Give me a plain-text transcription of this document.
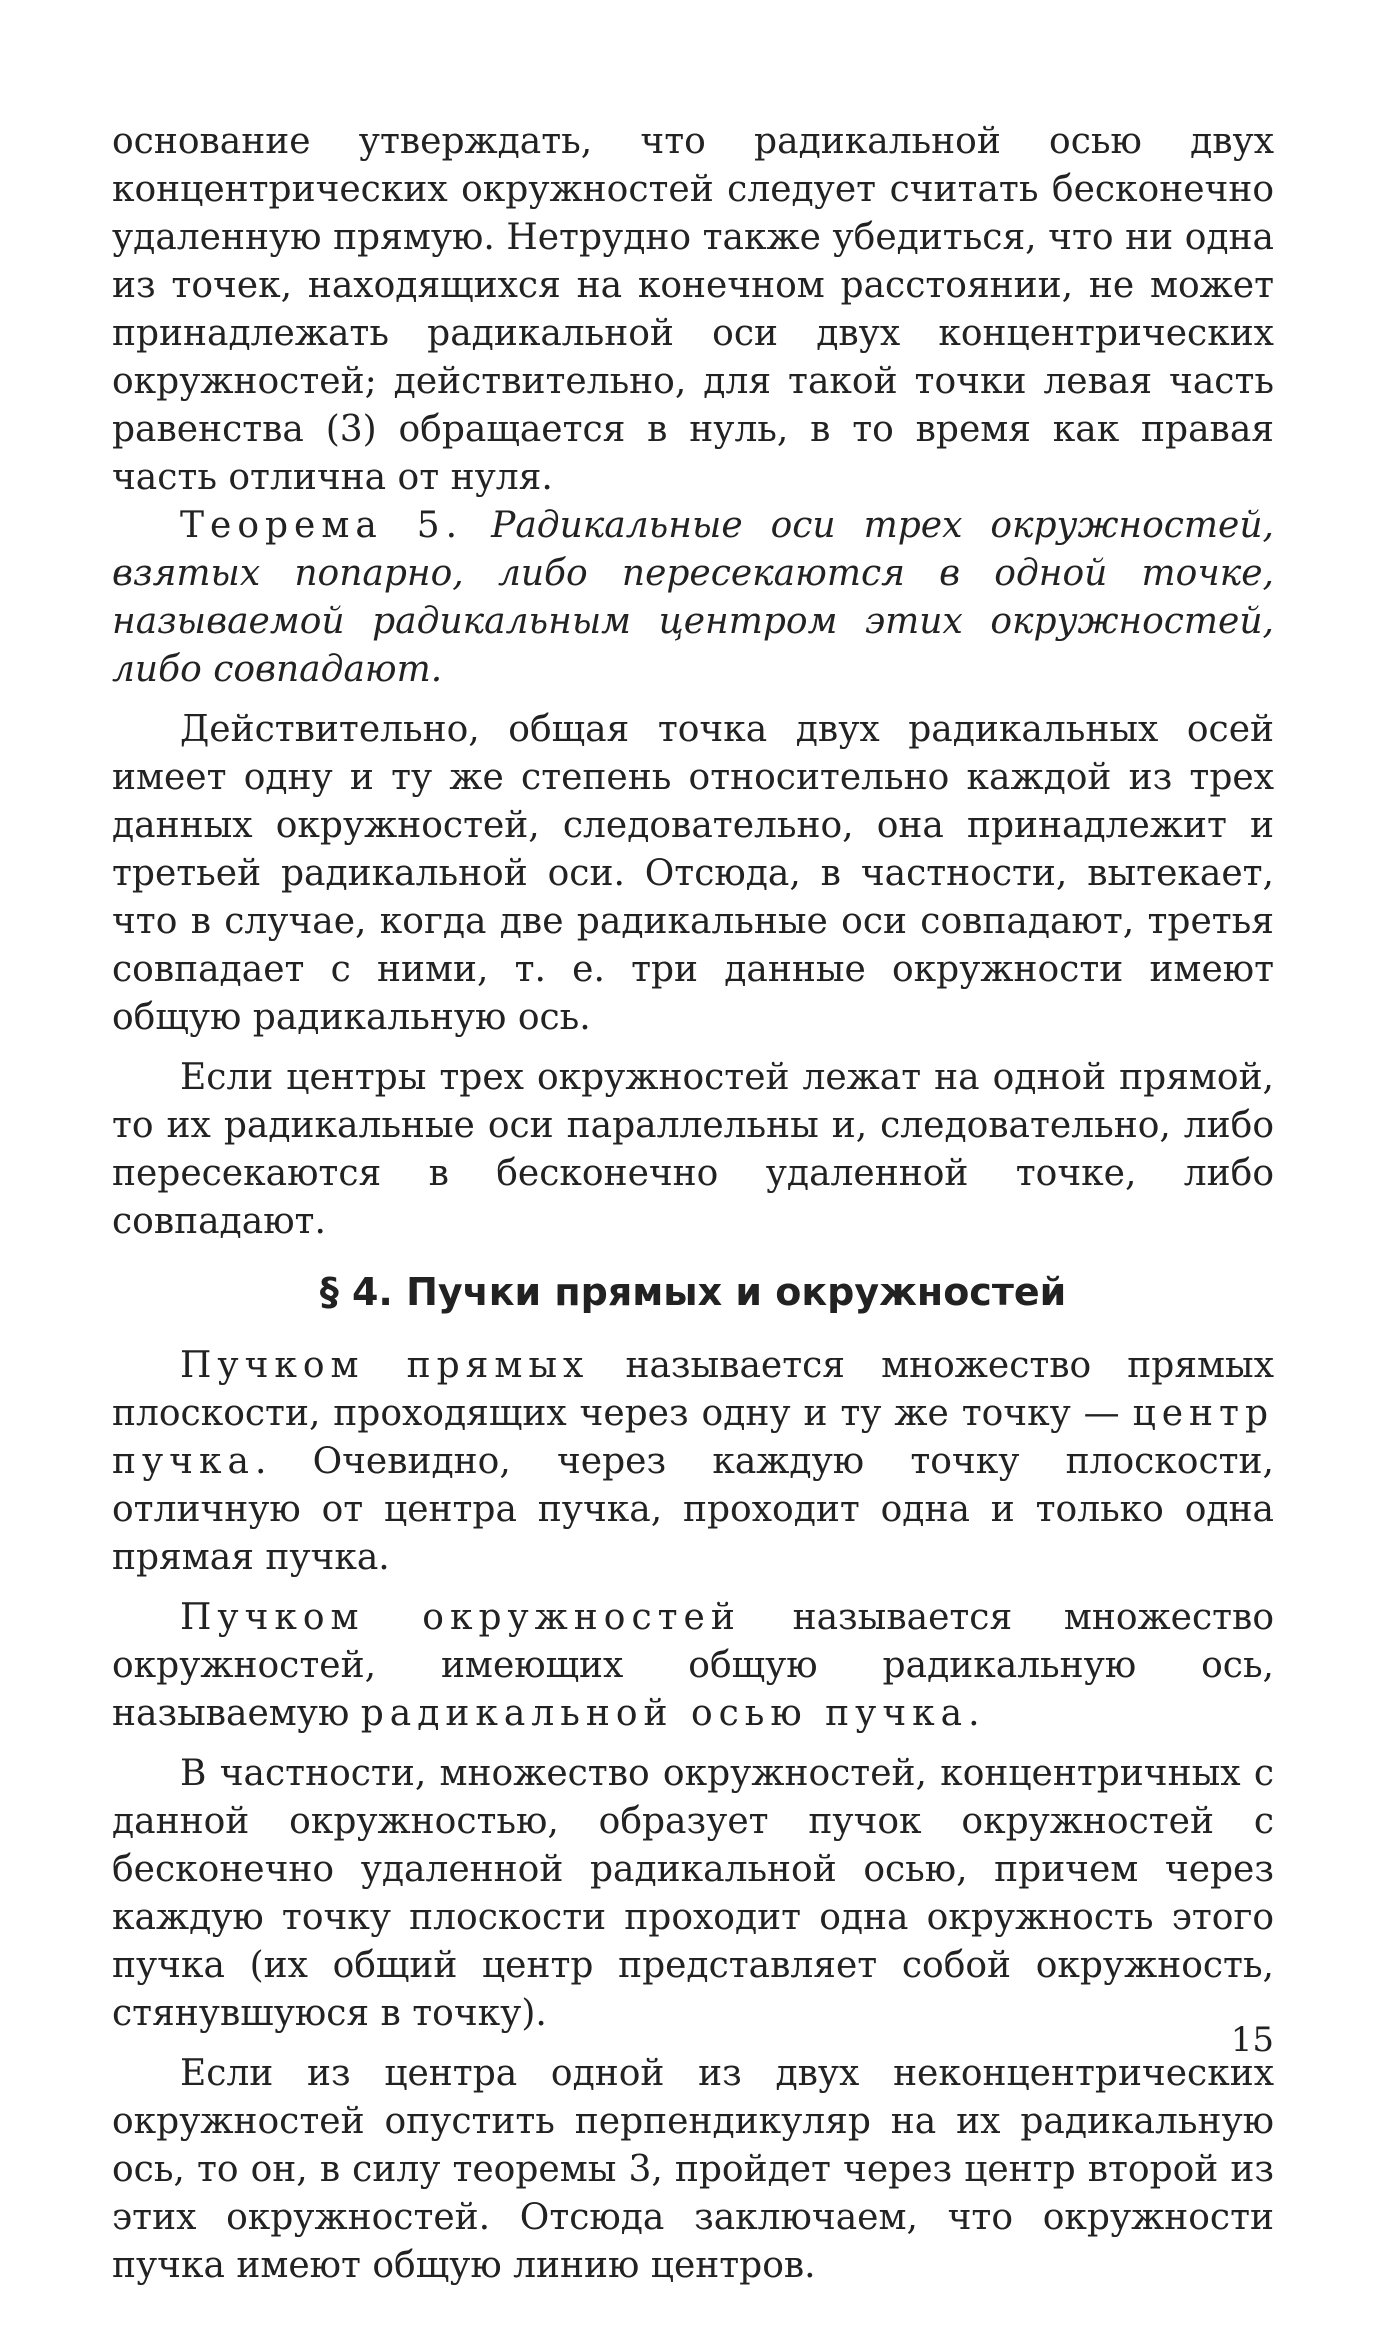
основание утверждать, что радикальной осью двух концентрических окружностей следует считать бесконечно удаленную прямую. Нетрудно также убедиться, что ни одна из точек, находящихся на конечном расстоянии, не может принадлежать радикальной оси двух концентрических окружностей; действительно, для такой точки левая часть равенства (3) обращается в нуль, в то время как правая часть отлична от нуля.

Теорема 5. Радикальные оси трех окружностей, взятых попарно, либо пересекаются в одной точке, называемой радикальным центром этих окружностей, либо совпадают.

Действительно, общая точка двух радикальных осей имеет одну и ту же степень относительно каждой из трех данных окружностей, следовательно, она принадлежит и третьей радикальной оси. Отсюда, в частности, вытекает, что в случае, когда две радикальные оси совпадают, третья совпадает с ними, т. е. три данные окружности имеют общую радикальную ось.

Если центры трех окружностей лежат на одной прямой, то их радикальные оси параллельны и, следовательно, либо пересекаются в бесконечно удаленной точке, либо совпадают.

§ 4. Пучки прямых и окружностей

Пучком прямых называется множество прямых плоскости, проходящих через одну и ту же точку — центр пучка. Очевидно, через каждую точку плоскости, отличную от центра пучка, проходит одна и только одна прямая пучка.

Пучком окружностей называется множество окружностей, имеющих общую радикальную ось, называемую радикальной осью пучка.

В частности, множество окружностей, концентричных с данной окружностью, образует пучок окружностей с бесконечно удаленной радикальной осью, причем через каждую точку плоскости проходит одна окружность этого пучка (их общий центр представляет собой окружность, стянувшуюся в точку).

Если из центра одной из двух неконцентрических окружностей опустить перпендикуляр на их радикальную ось, то он, в силу теоремы 3, пройдет через центр второй из этих окружностей. Отсюда заключаем, что окружности пучка имеют общую линию центров.

15
